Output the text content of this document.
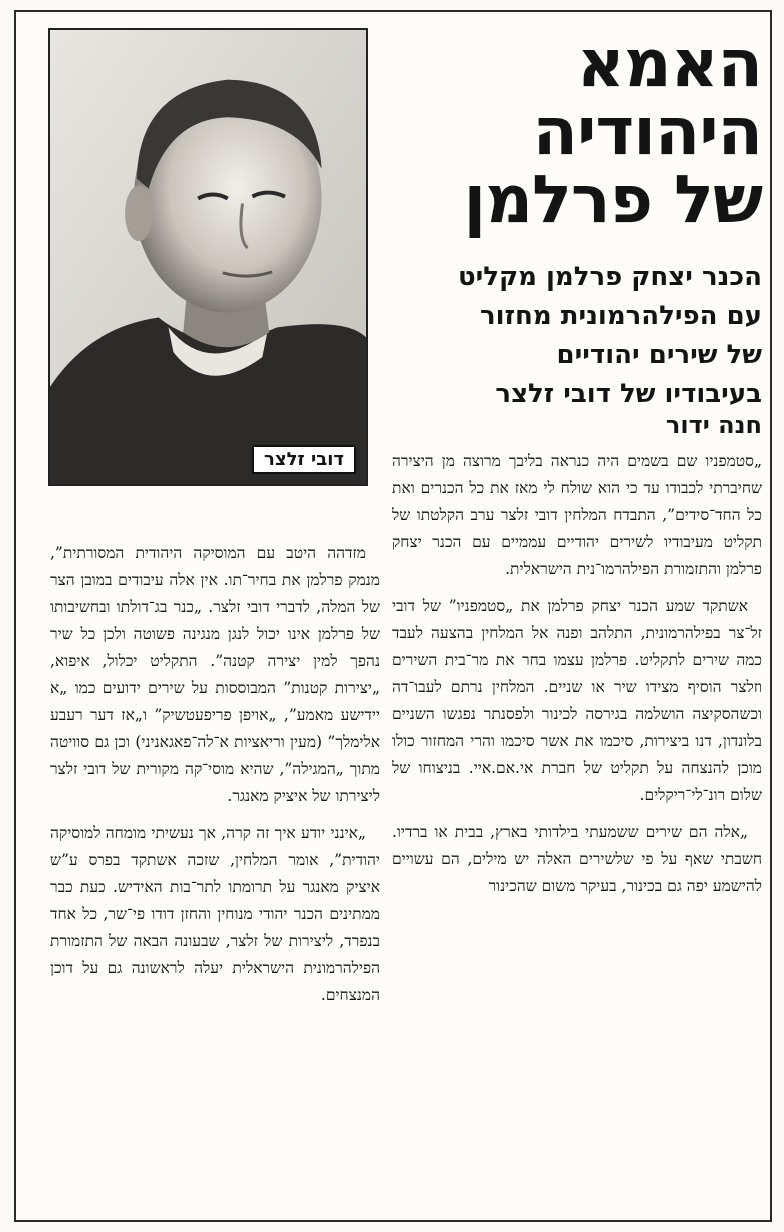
דובי זלצר
האמא
היהודיה
של פרלמן
הכנר יצחק פרלמן מקליט
עם הפילהרמונית מחזור
של שירים יהודיים
בעיבודיו של דובי זלצר
חנה ידור

„סטמפניו שם בשמים היה כנראה בליבך מרוצה מן היצירה שחיברתי לכבודו עד כי הוא שולח לי מאז את כל הכנרים ואת כל החד־סידים”, התבדח המלחין דובי זלצר ערב הקלטתו של תקליט מעיבודיו לשירים יהודיים עממיים עם הכנר יצחק פרלמן והתזמורת הפילהרמו־נית הישראלית.

אשתקד שמע הכנר יצחק פרלמן את „סטמפניו” של דובי זל־צר בפילהרמונית, התלהב ופנה אל המלחין בהצעה לעבד כמה שירים לתקליט. פרלמן עצמו בחר את מר־בית השירים וזלצר הוסיף מצידו שיר או שניים. המלחין נרתם לעבו־דה וכשהסקיצה הושלמה בגירסה לכינור ולפסנתר נפגשו השניים בלונדון, דנו ביצירות, סיכמו את אשר סיכמו והרי המחזור כולו מוכן להנצחה על תקליט של חברת אי.אם.איי. בניצוחו של שלום רונ־לי־ריקלים.

„אלה הם שירים ששמעתי בילדותי בארץ, בבית או ברדיו. חשבתי שאף על פי שלשירים האלה יש מילים, הם עשויים להישמע יפה גם בכינור, בעיקר משום שהכינור

מזדהה היטב עם המוסיקה היהודית המסורתית”, מנמק פרלמן את בחיר־תו. אין אלה עיבודים במובן הצר של המלה, לדברי דובי זלצר. „כנר בג־דולתו ובחשיבותו של פרלמן אינו יכול לנגן מנגינה פשוטה ולכן כל שיר נהפך למין יצירה קטנה”. התקליט יכלול, איפוא, „יצירות קטנות” המבוססות על שירים ידועים כמו „א יידישע מאמע”, „אויפן פריפעטשיק” ו„אז דער רעבע אלימלך” (מעין וריאציות א־לה־פאגאניני) וכן גם סוויטה מתוך „המגילה”, שהיא מוסי־קה מקורית של דובי זלצר ליצירתו של איציק מאנגר.

„אינני יודע איך זה קרה, אך נעשיתי מומחה למוסיקה יהודית”, אומר המלחין, שזכה אשתקד בפרס ע”ש איציק מאנגר על תרומתו לתר־בות האידיש. כעת כבר ממתינים הכנר יהודי מנוחין והחזן דודו פי־שר, כל אחד בנפרד, ליצירות של זלצר, שבעונה הבאה של התזמורת הפילהרמונית הישראלית יעלה לראשונה גם על דוכן המנצחים.
